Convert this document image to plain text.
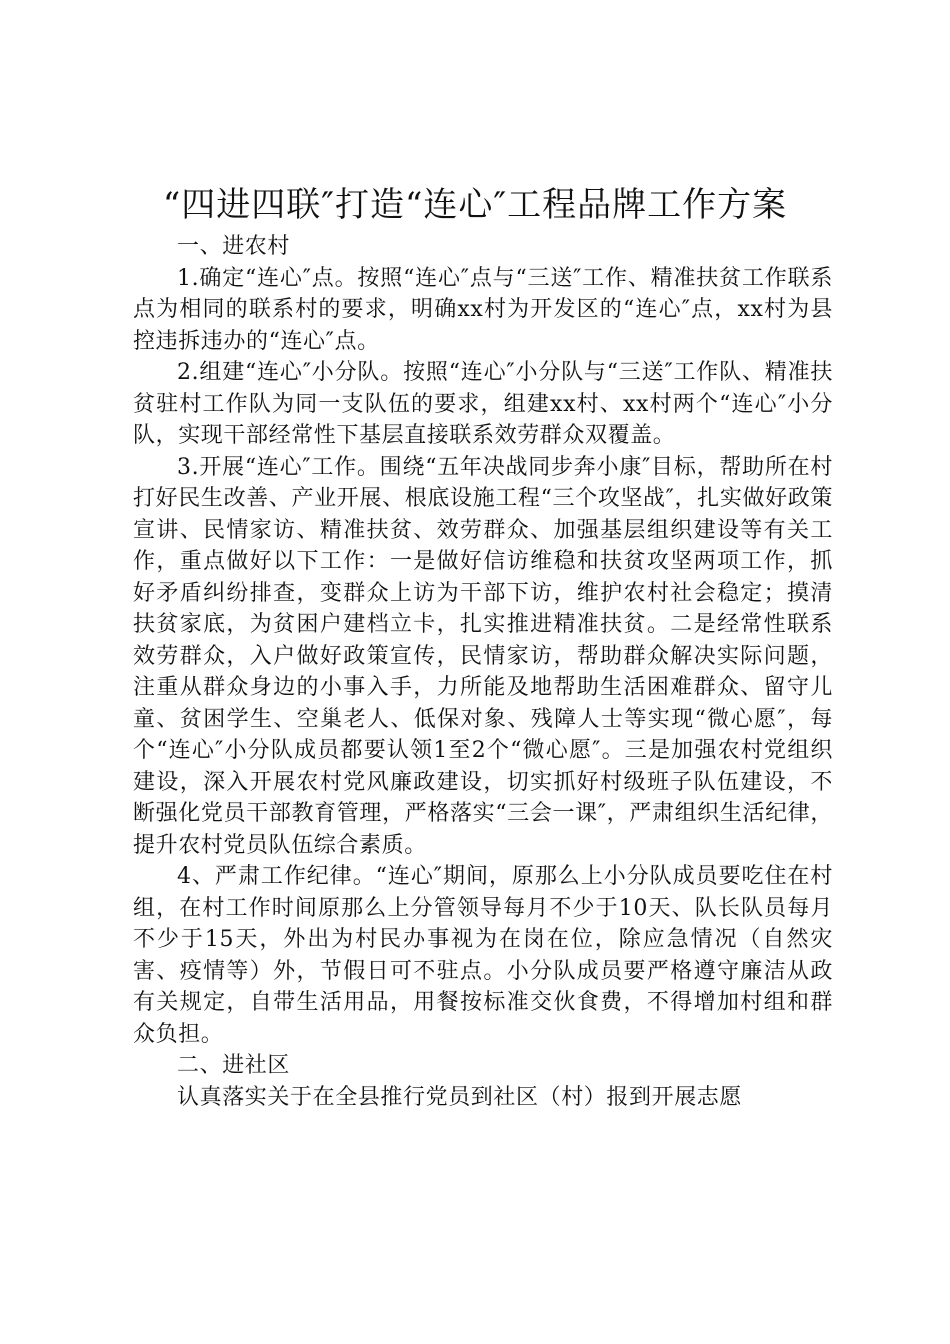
“四进四联″打造“连心″工程品牌工作方案

一、进农村

1.确定“连心″点。按照“连心″点与“三送″工作、精准扶贫工作联系点为相同的联系村的要求，明确xx村为开发区的“连心″点，xx村为县控违拆违办的“连心″点。

2.组建“连心″小分队。按照“连心″小分队与“三送″工作队、精准扶贫驻村工作队为同一支队伍的要求，组建xx村、xx村两个“连心″小分队，实现干部经常性下基层直接联系效劳群众双覆盖。

3.开展“连心″工作。围绕“五年决战同步奔小康″目标，帮助所在村打好民生改善、产业开展、根底设施工程“三个攻坚战″，扎实做好政策宣讲、民情家访、精准扶贫、效劳群众、加强基层组织建设等有关工作，重点做好以下工作：一是做好信访维稳和扶贫攻坚两项工作，抓好矛盾纠纷排查，变群众上访为干部下访，维护农村社会稳定；摸清扶贫家底，为贫困户建档立卡，扎实推进精准扶贫。二是经常性联系效劳群众，入户做好政策宣传，民情家访，帮助群众解决实际问题，注重从群众身边的小事入手，力所能及地帮助生活困难群众、留守儿童、贫困学生、空巢老人、低保对象、残障人士等实现“微心愿″，每个“连心″小分队成员都要认领1至2个“微心愿″。三是加强农村党组织建设，深入开展农村党风廉政建设，切实抓好村级班子队伍建设，不断强化党员干部教育管理，严格落实“三会一课″，严肃组织生活纪律，提升农村党员队伍综合素质。

4、严肃工作纪律。“连心″期间，原那么上小分队成员要吃住在村组，在村工作时间原那么上分管领导每月不少于10天、队长队员每月不少于15天，外出为村民办事视为在岗在位，除应急情况（自然灾害、疫情等）外，节假日可不驻点。小分队成员要严格遵守廉洁从政有关规定，自带生活用品，用餐按标准交伙食费，不得增加村组和群众负担。

二、进社区

认真落实关于在全县推行党员到社区（村）报到开展志愿
